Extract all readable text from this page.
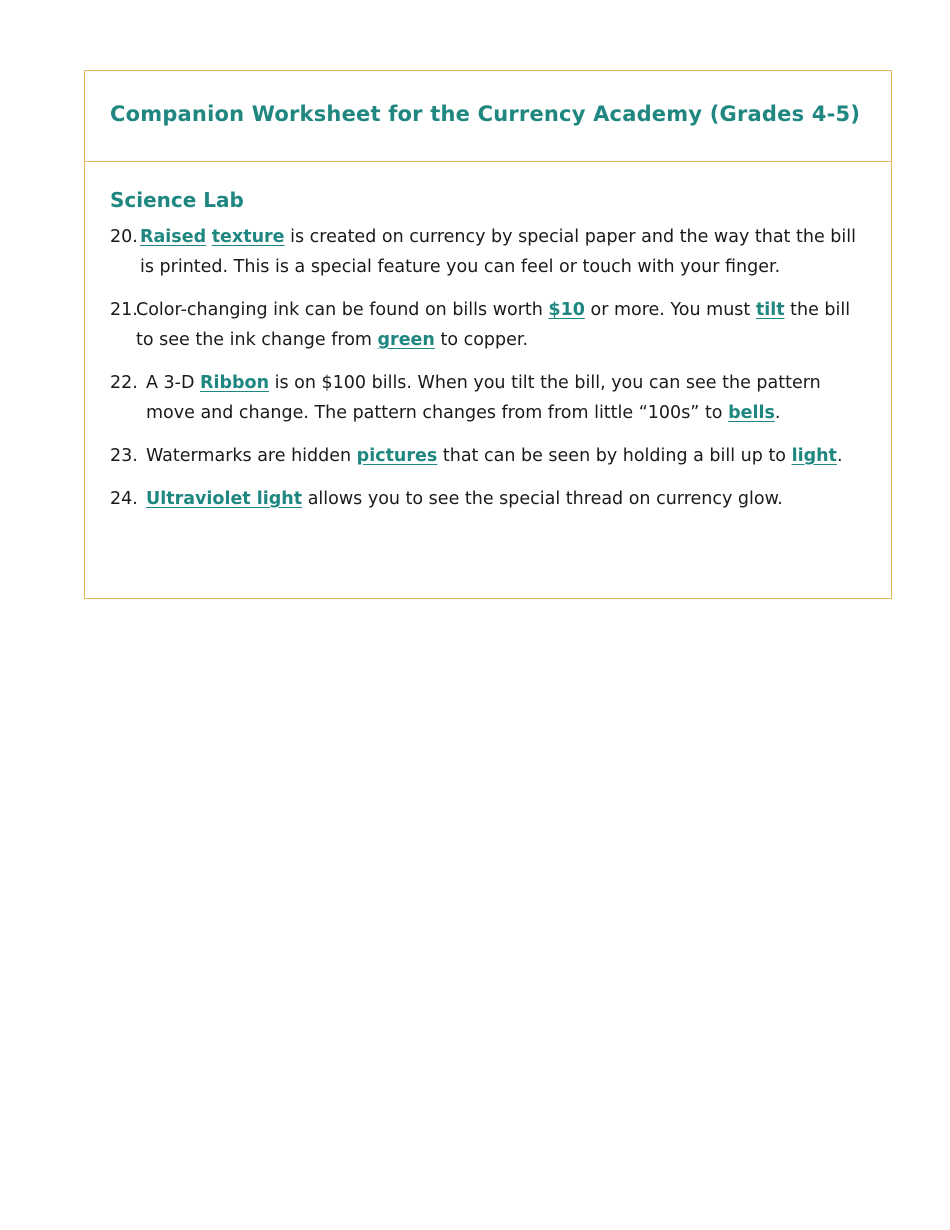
Companion Worksheet for the Currency Academy (Grades 4-5)
Science Lab
20. Raised texture is created on currency by special paper and the way that the bill is printed. This is a special feature you can feel or touch with your finger.
21.
Color-changing ink can be found on bills worth $10 or more. You must tilt the bill to see the ink change from green to copper.
22. A 3-D Ribbon is on $100 bills. When you tilt the bill, you can see the pattern move and change. The pattern changes from from little “100s” to bells.
23. Watermarks are hidden pictures that can be seen by holding a bill up to light.
24. Ultraviolet light allows you to see the special thread on currency glow.
